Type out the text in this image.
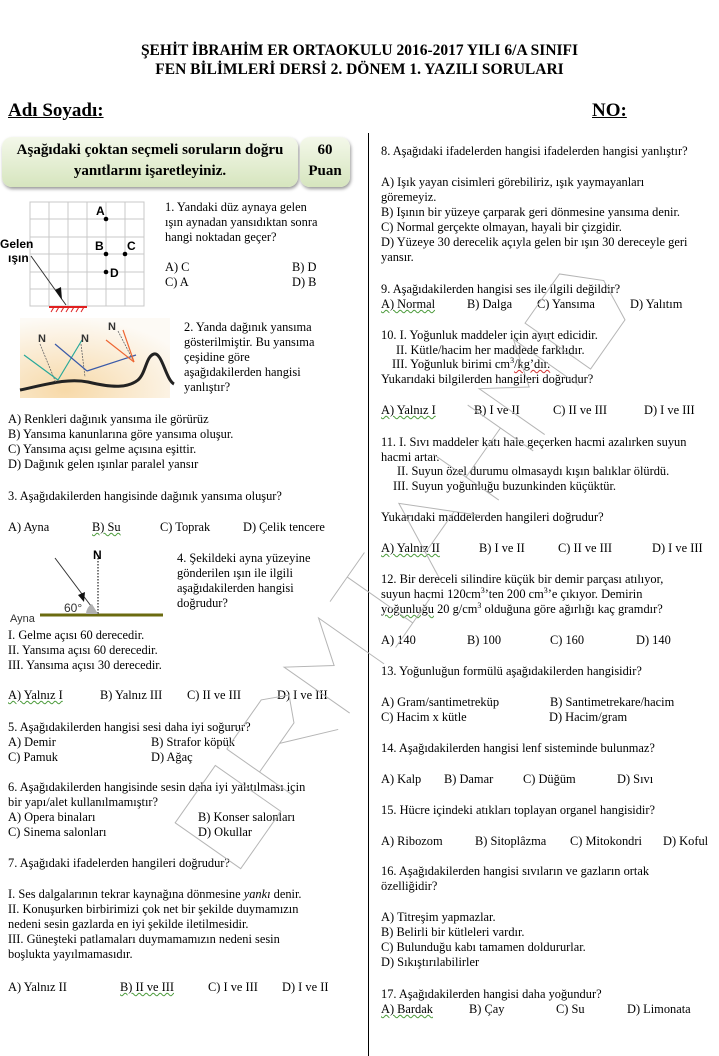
ŞEHİT İBRAHİM ER ORTAOKULU 2016-2017 YILI 6/A SINIFI
FEN BİLİMLERİ DERSİ 2. DÖNEM 1. YAZILI SORULARI
Adı Soyadı:	NO:
Aşağıdaki çoktan seçmeli soruların doğru
yanıtlarını işaretleyiniz.
60
Puan
A
B C
D
Gelen
ışın
1. Yandaki düz aynaya gelen
ışın aynadan yansıdıktan sonra
hangi noktadan geçer?
A) C	B) D
C) A	D) B
N	N
N	2. Yanda dağınık yansıma
gösterilmiştir. Bu yansıma
çeşidine göre
aşağıdakilerden hangisi
yanlıştır?
A) Renkleri dağınık yansıma ile görürüz
B) Yansıma kanunlarına göre yansıma oluşur.
C) Yansıma açısı gelme açısına eşittir.
D) Dağınık gelen ışınlar paralel yansır
3. Aşağıdakilerden hangisinde dağınık yansıma oluşur?
A) Ayna	B) Su	C) Toprak	D) Çelik tencere
N
60°
Ayna
4. Şekildeki ayna yüzeyine
gönderilen ışın ile ilgili
aşağıdakilerden hangisi
doğrudur?
I. Gelme açısı 60 derecedir.
II. Yansıma açısı 60 derecedir.
III. Yansıma açısı 30 derecedir.
A) Yalnız I	B) Yalnız III C) II ve III	D) I ve III
5. Aşağıdakilerden hangisi sesi daha iyi soğurur?
A) Demir	B) Strafor köpük
C) Pamuk	D) Ağaç
6. Aşağıdakilerden hangisinde sesin daha iyi yalıtılması için
bir yapı/alet kullanılmamıştır?
A) Opera binaları	B) Konser salonları
C) Sinema salonları	D) Okullar
7. Aşağıdaki ifadelerden hangileri doğrudur?
I. Ses dalgalarının tekrar kaynağına dönmesine yankı denir.
II. Konuşurken birbirimizi çok net bir şekilde duymamızın
nedeni sesin gazlarda en iyi şekilde iletilmesidir.
III. Güneşteki patlamaları duymamamızın nedeni sesin
boşlukta yayılmamasıdır.
A) Yalnız II	B) II ve III	C) I ve III D) I ve II
8. Aşağıdaki ifadelerden hangisi ifadelerden hangisi yanlıştır?
A) Işık yayan cisimleri görebiliriz, ışık yaymayanları
göremeyiz.
B) Işının bir yüzeye çarparak geri dönmesine yansıma denir.
C) Normal gerçekte olmayan, hayali bir çizgidir.
D) Yüzeye 30 derecelik açıyla gelen bir ışın 30 dereceyle geri
yansır.
9. Aşağıdakilerden hangisi ses ile ilgili değildir?
A) Normal	B) Dalga C) Yansıma	D) Yalıtım
10. I. Yoğunluk maddeler için ayırt edicidir.
II. Kütle/hacim her maddede farklıdır.
III. Yoğunluk birimi $cm^3/kg’dır$.
Yukarıdaki bilgilerden hangileri doğrudur?
A) Yalnız I	B) I ve II	C) II ve III	D) I ve III
11. I. Sıvı maddeler katı hale geçerken hacmi azalırken suyun
hacmi artar.
II. Suyun özel durumu olmasaydı kışın balıklar ölürdü.
III. Suyun yoğunluğu buzunkinden küçüktür.
Yukarıdaki maddelerden hangileri doğrudur?
A) Yalnız II	B) I ve II	C) II ve III	D) I ve III
12. Bir dereceli silindire küçük bir demir parçası atılıyor,
suyun hacmi $120cm^3’ten$ 200 $cm^3’e$ çıkıyor. Demirin
yoğunluğu 20 $g/cm^3$ olduğuna göre ağırlığı kaç gramdır?
A) 140	B) 100	C) 160	D) 140
13. Yoğunluğun formülü aşağıdakilerden hangisidir?
A) Gram/santimetreküp	B) Santimetrekare/hacim
C) Hacim x kütle	D) Hacim/gram
14. Aşağıdakilerden hangisi lenf sisteminde bulunmaz?
A) Kalp B) Damar C) Düğüm	D) Sıvı
15. Hücre içindeki atıkları toplayan organel hangisidir?
A) Ribozom	B) Sitoplâzma C) Mitokondri D) Koful
16. Aşağıdakilerden hangisi sıvıların ve gazların ortak
özelliğidir?
A) Titreşim yapmazlar.
B) Belirli bir kütleleri vardır.
C) Bulunduğu kabı tamamen doldururlar.
D) Sıkıştırılabilirler
17. Aşağıdakilerden hangisi daha yoğundur?
A) Bardak	B) Çay	C) Su	D) Limonata
